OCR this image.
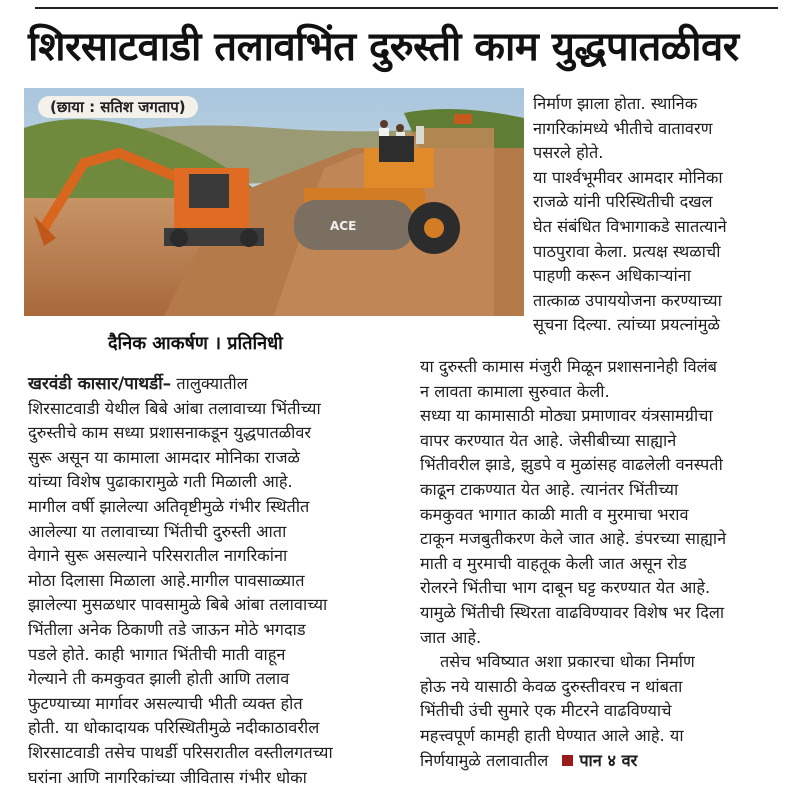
शिरसाटवाडी तलावभिंत दुरुस्ती काम युद्धपातळीवर
ACE
(छाया : सतिश जगताप)
दैनिक आकर्षण । प्रतिनिधी

निर्माण झाला होता. स्थानिक

नागरिकांमध्ये भीतीचे वातावरण

पसरले होते.

या पार्श्वभूमीवर आमदार मोनिका

राजळे यांनी परिस्थितीची दखल

घेत संबंधित विभागाकडे सातत्याने

पाठपुरावा केला. प्रत्यक्ष स्थळाची

पाहणी करून अधिकाऱ्यांना

तात्काळ उपाययोजना करण्याच्या

सूचना दिल्या. त्यांच्या प्रयत्नांमुळे

खरवंडी कासार/पाथर्डी– तालुक्यातील

शिरसाटवाडी येथील बिबे आंबा तलावाच्या भिंतीच्या

दुरुस्तीचे काम सध्या प्रशासनाकडून युद्धपातळीवर

सुरू असून या कामाला आमदार मोनिका राजळे

यांच्या विशेष पुढाकारामुळे गती मिळाली आहे.

मागील वर्षी झालेल्या अतिवृष्टीमुळे गंभीर स्थितीत

आलेल्या या तलावाच्या भिंतीची दुरुस्ती आता

वेगाने सुरू असल्याने परिसरातील नागरिकांना

मोठा दिलासा मिळाला आहे.मागील पावसाळ्यात

झालेल्या मुसळधार पावसामुळे बिबे आंबा तलावाच्या

भिंतीला अनेक ठिकाणी तडे जाऊन मोठे भगदाड

पडले होते. काही भागात भिंतीची माती वाहून

गेल्याने ती कमकुवत झाली होती आणि तलाव

फुटण्याच्या मार्गावर असल्याची भीती व्यक्त होत

होती. या धोकादायक परिस्थितीमुळे नदीकाठावरील

शिरसाटवाडी तसेच पाथर्डी परिसरातील वस्तीलगतच्या

घरांना आणि नागरिकांच्या जीवितास गंभीर धोका

या दुरुस्ती कामास मंजुरी मिळून प्रशासनानेही विलंब

न लावता कामाला सुरुवात केली.

सध्या या कामासाठी मोठ्या प्रमाणावर यंत्रसामग्रीचा

वापर करण्यात येत आहे. जेसीबीच्या साह्याने

भिंतीवरील झाडे, झुडपे व मुळांसह वाढलेली वनस्पती

काढून टाकण्यात येत आहे. त्यानंतर भिंतीच्या

कमकुवत भागात काळी माती व मुरमाचा भराव

टाकून मजबुतीकरण केले जात आहे. डंपरच्या साह्याने

माती व मुरमाची वाहतूक केली जात असून रोड

रोलरने भिंतीचा भाग दाबून घट्ट करण्यात येत आहे.

यामुळे भिंतीची स्थिरता वाढविण्यावर विशेष भर दिला

जात आहे.

तसेच भविष्यात अशा प्रकारचा धोका निर्माण

होऊ नये यासाठी केवळ दुरुस्तीवरच न थांबता

भिंतीची उंची सुमारे एक मीटरने वाढविण्याचे

महत्त्वपूर्ण कामही हाती घेण्यात आले आहे. या

निर्णयामुळे तलावातील पान ४ वर
